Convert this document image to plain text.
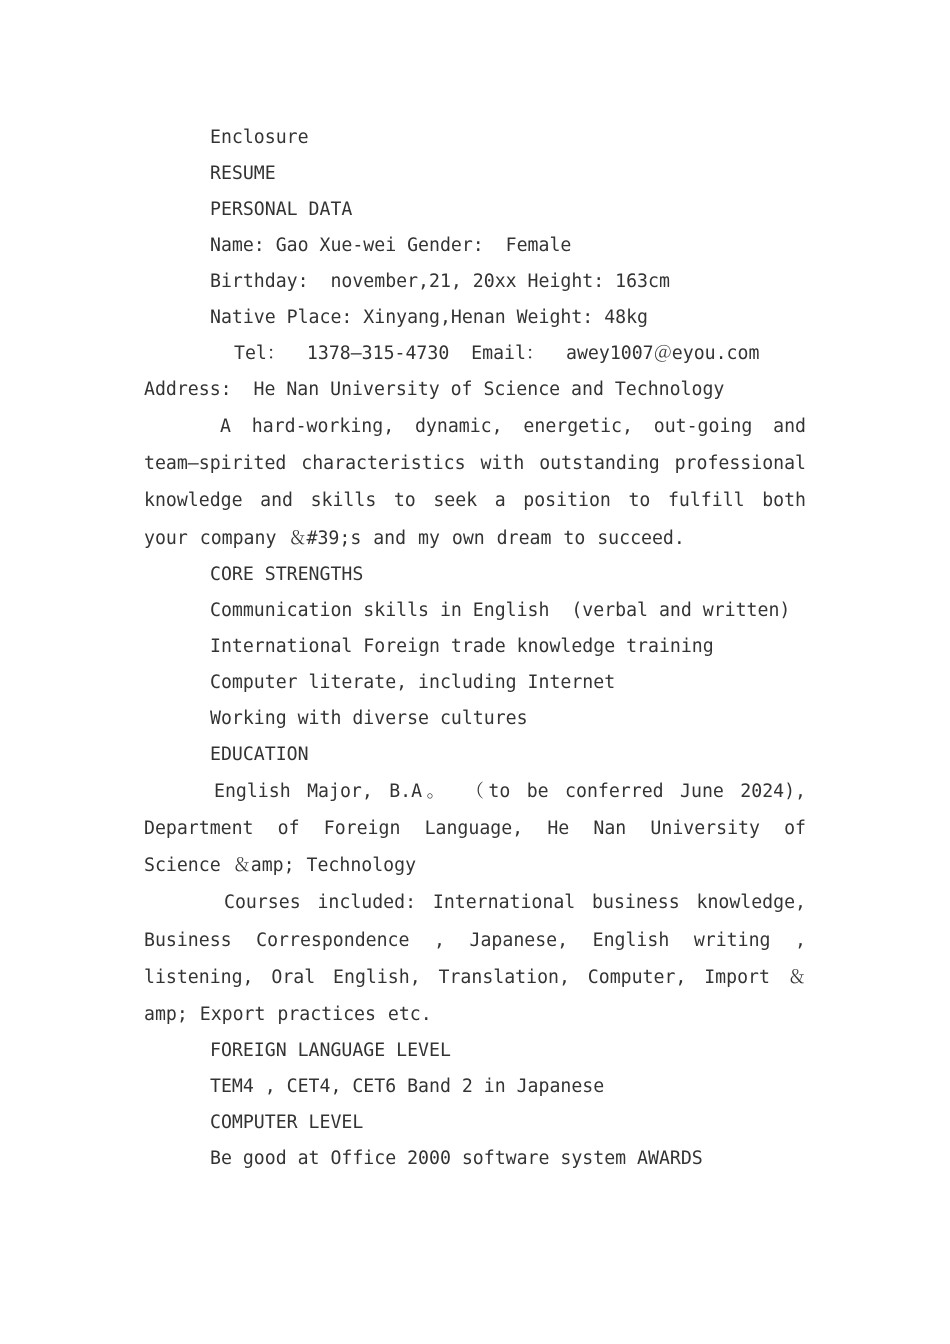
Enclosure
RESUME
PERSONAL DATA
Name: Gao Xue-wei Gender:  Female
Birthday:  november,21, 20xx Height: 163cm
Native Place: Xinyang,Henan Weight: 48kg
Tel：  1378—315-4730  Email：  awey1007＠eyou.com
Address:  He Nan University of Science and Technology
A hard-working, dynamic, energetic, out-going and team—spirited characteristics with outstanding professional knowledge and skills to seek a position to fulfill both your company ＆#39;s and my own dream to succeed.
CORE STRENGTHS
Communication skills in English  (verbal and written)
International Foreign trade knowledge training
Computer literate, including Internet
Working with diverse cultures
EDUCATION
English Major, B.A。 （to be conferred June 2024), Department of Foreign Language, He Nan University of Science ＆amp; Technology
Courses included: International business knowledge, Business Correspondence , Japanese, English writing , listening, Oral English, Translation, Computer, Import ＆amp; Export practices etc.
FOREIGN LANGUAGE LEVEL
TEM4 , CET4, CET6 Band 2 in Japanese
COMPUTER LEVEL
Be good at Office 2000 software system AWARDS
